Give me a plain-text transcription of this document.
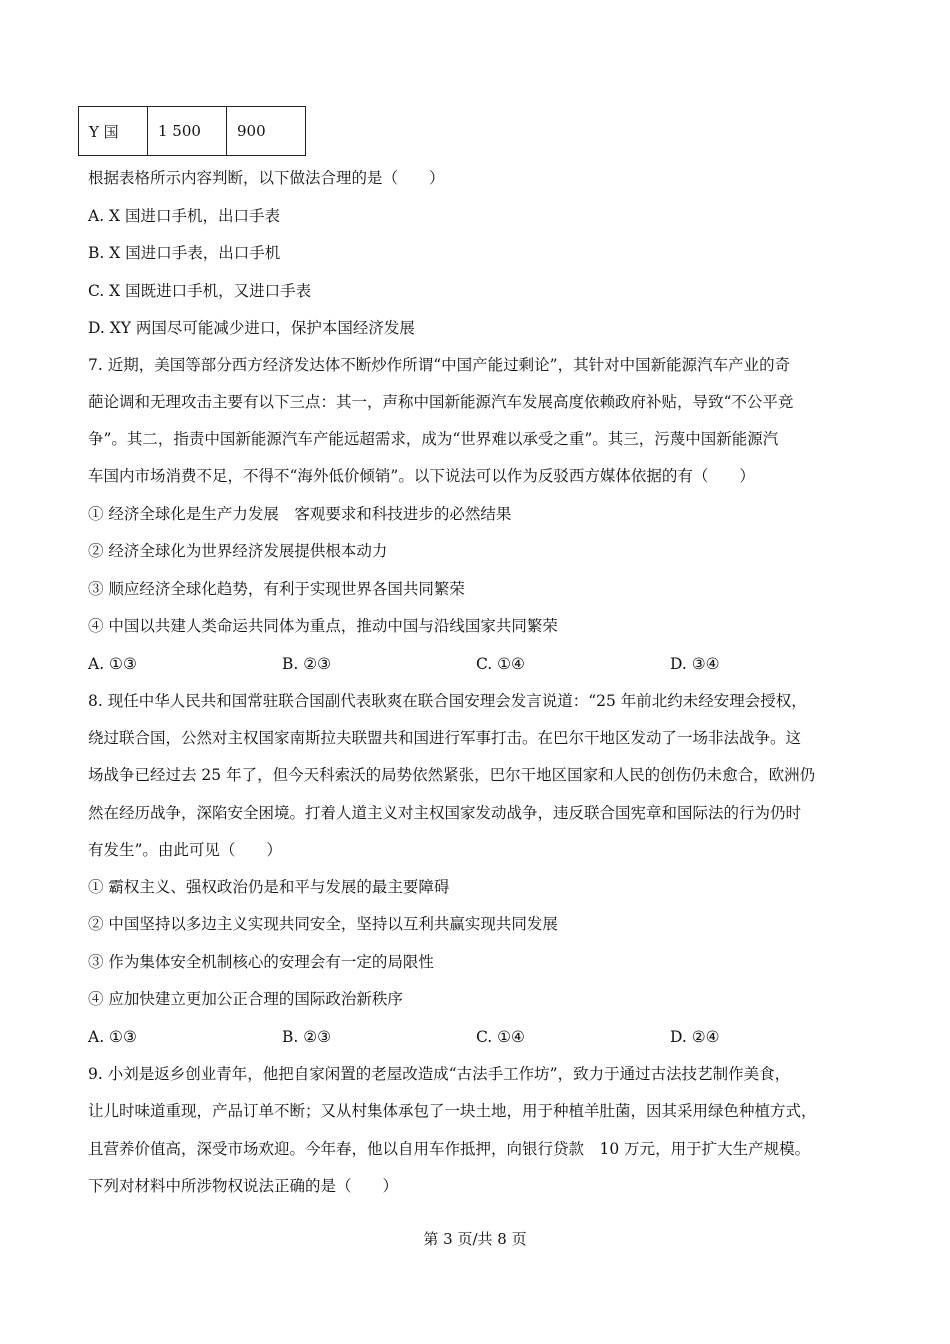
Y 国	1 500	900
根据表格所示内容判断，以下做法合理的是（　　）
A. X 国进口手机，出口手表
B. X 国进口手表，出口手机
C. X 国既进口手机，又进口手表
D. XY 两国尽可能减少进口，保护本国经济发展
7. 近期，美国等部分西方经济发达体不断炒作所谓“中国产能过剩论”，其针对中国新能源汽车产业的奇
葩论调和无理攻击主要有以下三点：其一，声称中国新能源汽车发展高度依赖政府补贴，导致“不公平竞
争”。其二，指责中国新能源汽车产能远超需求，成为“世界难以承受之重”。其三，污蔑中国新能源汽
车国内市场消费不足，不得不“海外低价倾销”。以下说法可以作为反驳西方媒体依据的有（　　）
① 经济全球化是生产力发展　客观要求和科技进步的必然结果
② 经济全球化为世界经济发展提供根本动力
③ 顺应经济全球化趋势，有利于实现世界各国共同繁荣
④ 中国以共建人类命运共同体为重点，推动中国与沿线国家共同繁荣
A. ①③	B. ②③	C. ①④	D. ③④
8. 现任中华人民共和国常驻联合国副代表耿爽在联合国安理会发言说道：“25 年前北约未经安理会授权，
绕过联合国，公然对主权国家南斯拉夫联盟共和国进行军事打击。在巴尔干地区发动了一场非法战争。这
场战争已经过去 25 年了，但今天科索沃的局势依然紧张，巴尔干地区国家和人民的创伤仍未愈合，欧洲仍
然在经历战争，深陷安全困境。打着人道主义对主权国家发动战争，违反联合国宪章和国际法的行为仍时
有发生”。由此可见（　　）
① 霸权主义、强权政治仍是和平与发展的最主要障碍
② 中国坚持以多边主义实现共同安全，坚持以互利共赢实现共同发展
③ 作为集体安全机制核心的安理会有一定的局限性
④ 应加快建立更加公正合理的国际政治新秩序
A. ①③	B. ②③	C. ①④	D. ②④
9. 小刘是返乡创业青年，他把自家闲置的老屋改造成“古法手工作坊”，致力于通过古法技艺制作美食，
让儿时味道重现，产品订单不断；又从村集体承包了一块土地，用于种植羊肚菌，因其采用绿色种植方式，
且营养价值高，深受市场欢迎。今年春，他以自用车作抵押，向银行贷款　10 万元，用于扩大生产规模。
下列对材料中所涉物权说法正确的是（　　）
第 3 页/共 8 页
